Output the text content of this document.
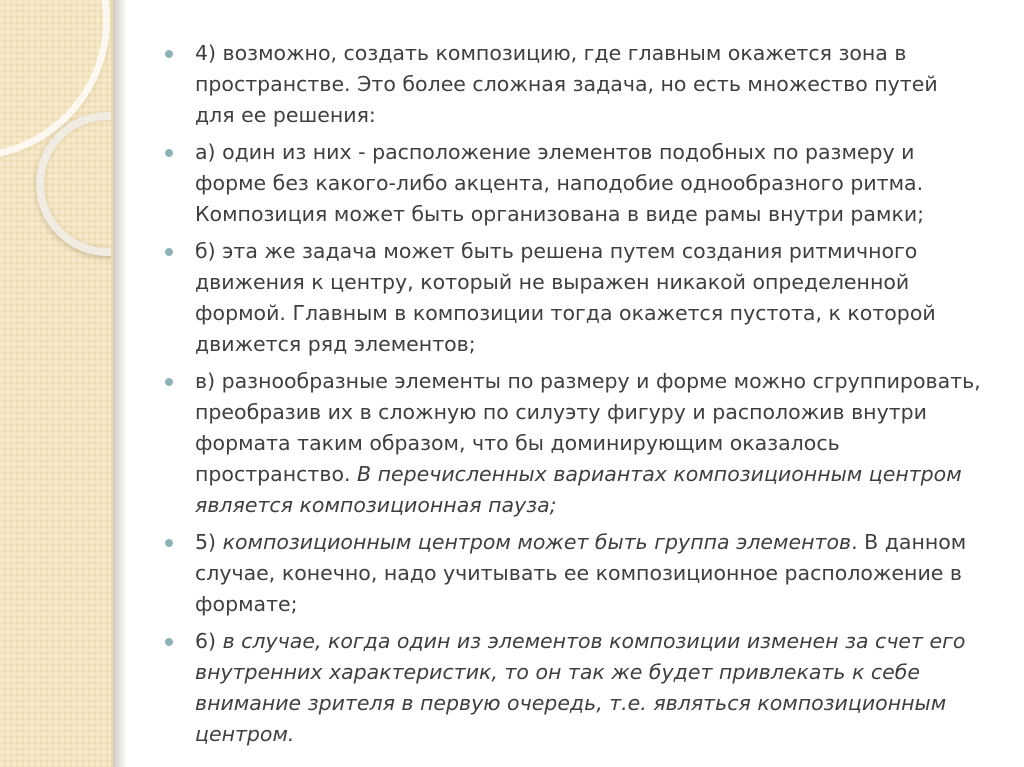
4) возможно, создать композицию, где главным окажется зона в пространстве. Это более сложная задача, но есть множество путей для ее решения:
а) один из них - расположение элементов подобных по размеру и форме без какого-либо акцента, наподобие однообразного ритма. Композиция может быть организована в виде рамы внутри рамки;
б) эта же задача может быть решена путем создания ритмичного движения к центру, который не выражен никакой определенной формой. Главным в композиции тогда окажется пустота, к которой движется ряд элементов;
в) разнообразные элементы по размеру и форме можно сгруппировать, преобразив их в сложную по силуэту фигуру и расположив внутри формата таким образом, что бы доминирующим оказалось пространство. В перечисленных вариантах композиционным центром является композиционная пауза;
5) композиционным центром может быть группа элементов. В данном случае, конечно, надо учитывать ее композиционное расположение в формате;
6) в случае, когда один из элементов композиции изменен за счет его внутренних характеристик, то он так же будет привлекать к себе внимание зрителя в первую очередь, т.е. являться композиционным центром.
